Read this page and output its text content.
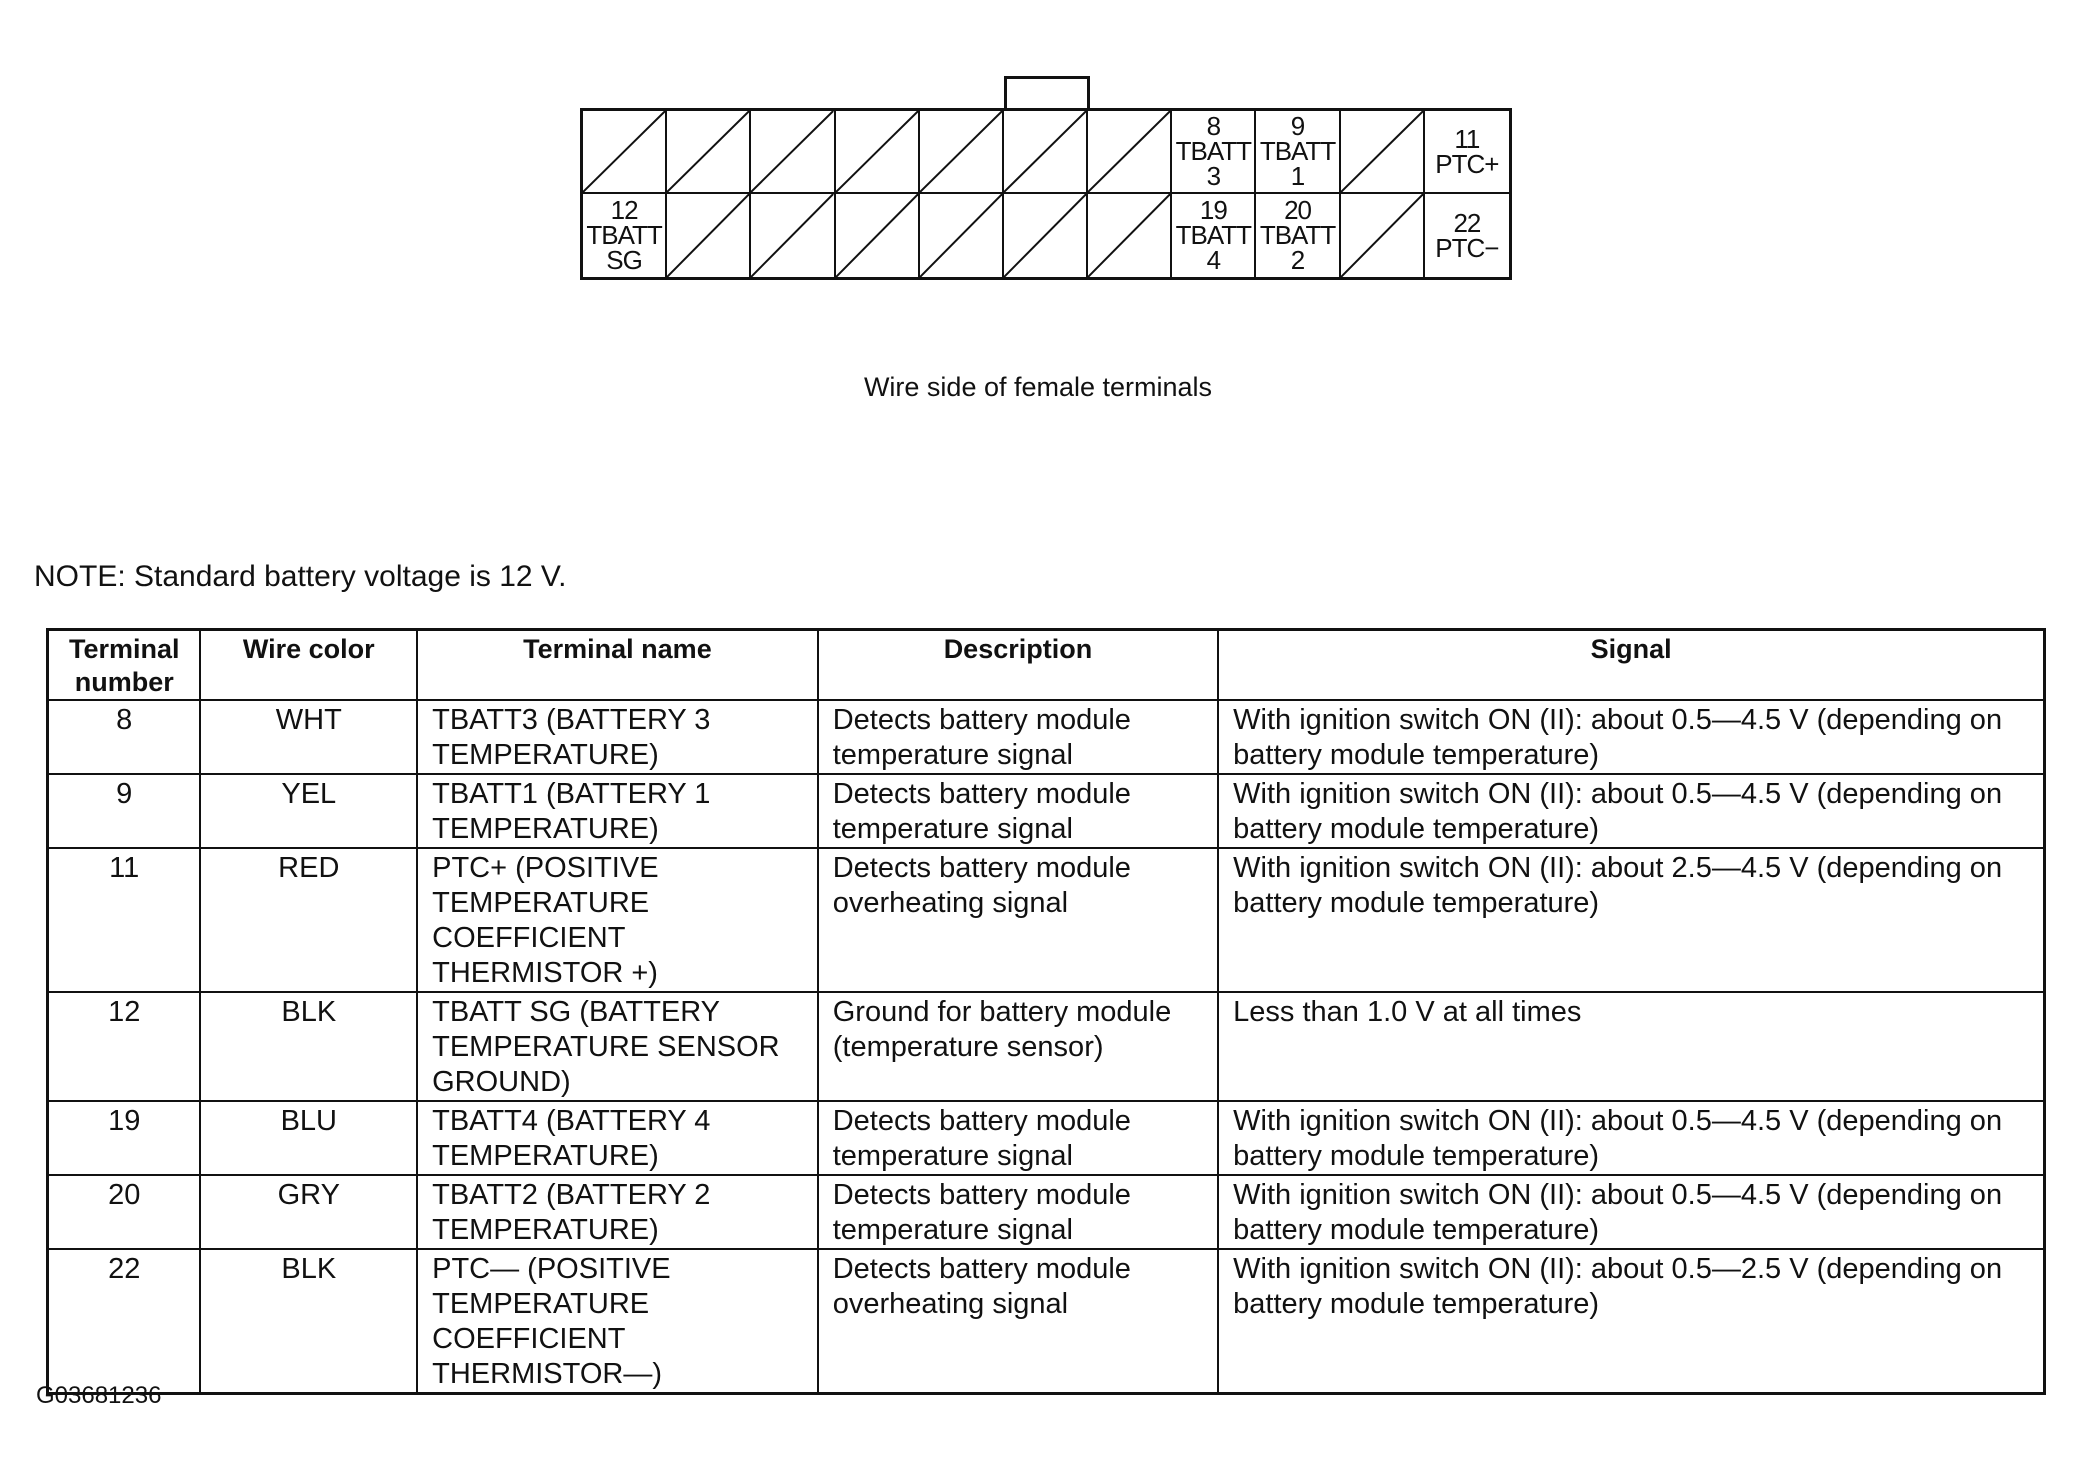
8
TBATT
3
9
TBATT
1
11
PTC+
12
TBATT
SG
19
TBATT
4
20
TBATT
2
22
PTC−
Wire side of female terminals
NOTE: Standard battery voltage is 12 V.
Terminal number	Wire color	Terminal name	Description	Signal
8	WHT	TBATT3 (BATTERY 3 TEMPERATURE)	Detects battery module temperature signal	With ignition switch ON (II): about 0.5—4.5 V (depending on battery module temperature)
9	YEL	TBATT1 (BATTERY 1 TEMPERATURE)	Detects battery module temperature signal	With ignition switch ON (II): about 0.5—4.5 V (depending on battery module temperature)
11	RED	PTC+ (POSITIVE TEMPERATURE COEFFICIENT THERMISTOR +)	Detects battery module overheating signal	With ignition switch ON (II): about 2.5—4.5 V (depending on battery module temperature)
12	BLK	TBATT SG (BATTERY TEMPERATURE SENSOR GROUND)	Ground for battery module (temperature sensor)	Less than 1.0 V at all times
19	BLU	TBATT4 (BATTERY 4 TEMPERATURE)	Detects battery module temperature signal	With ignition switch ON (II): about 0.5—4.5 V (depending on battery module temperature)
20	GRY	TBATT2 (BATTERY 2 TEMPERATURE)	Detects battery module temperature signal	With ignition switch ON (II): about 0.5—4.5 V (depending on battery module temperature)
22	BLK	PTC— (POSITIVE TEMPERATURE COEFFICIENT THERMISTOR—)	Detects battery module overheating signal	With ignition switch ON (II): about 0.5—2.5 V (depending on battery module temperature)
G03681236
